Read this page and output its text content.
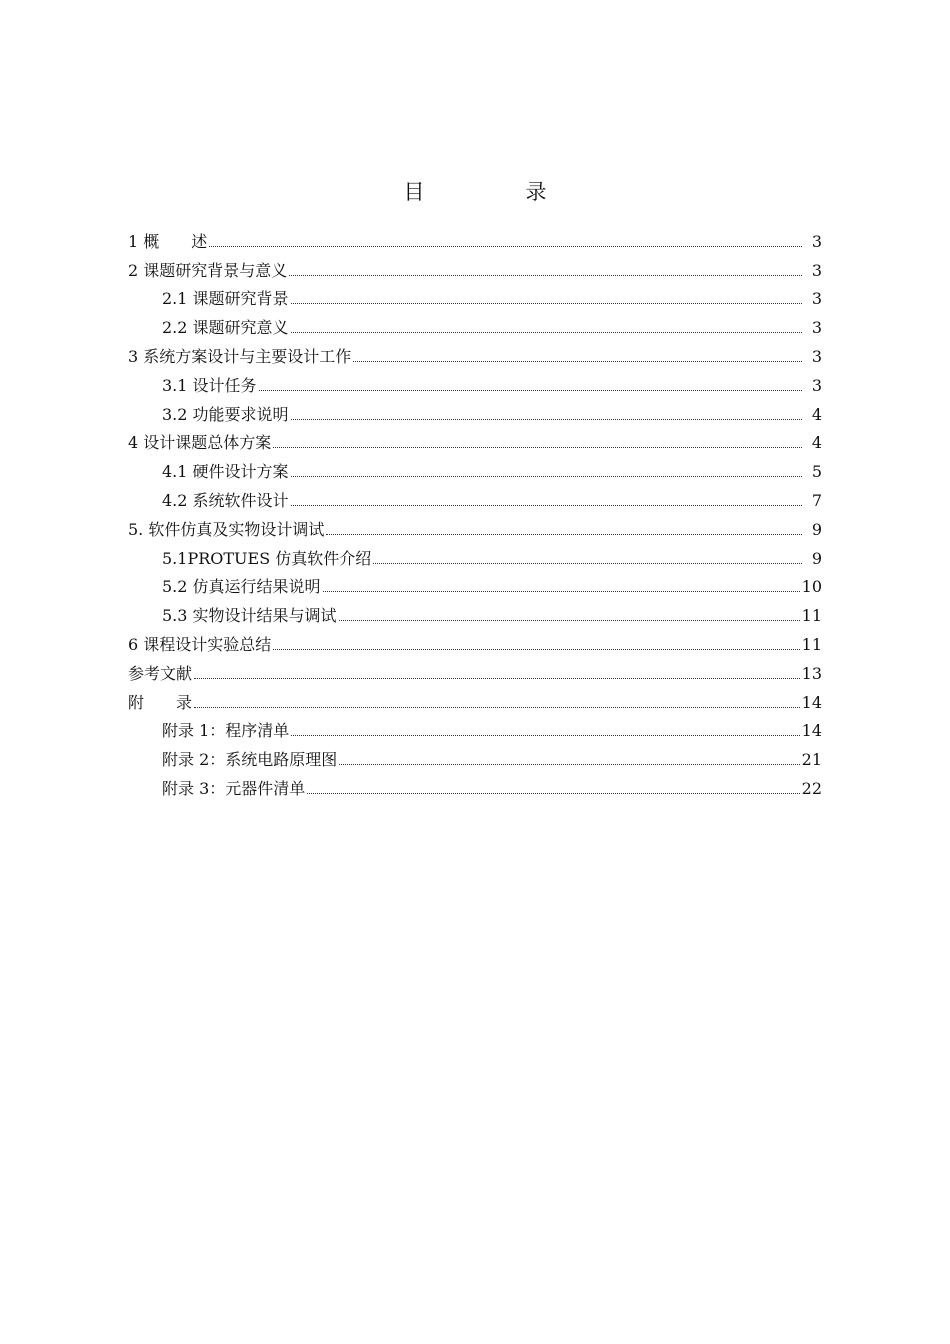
目　录
1 概　　述	3
2 课题研究背景与意义	3
2.1 课题研究背景	3
2.2 课题研究意义	3
3 系统方案设计与主要设计工作	3
3.1 设计任务	3
3.2 功能要求说明	4
4 设计课题总体方案	4
4.1 硬件设计方案	5
4.2 系统软件设计	7
5. 软件仿真及实物设计调试	9
5.1PROTUES 仿真软件介绍	9
5.2 仿真运行结果说明	10
5.3 实物设计结果与调试	11
6 课程设计实验总结	11
参考文献	13
附　　录	14
附录 1：程序清单	14
附录 2：系统电路原理图	21
附录 3：元器件清单	22
